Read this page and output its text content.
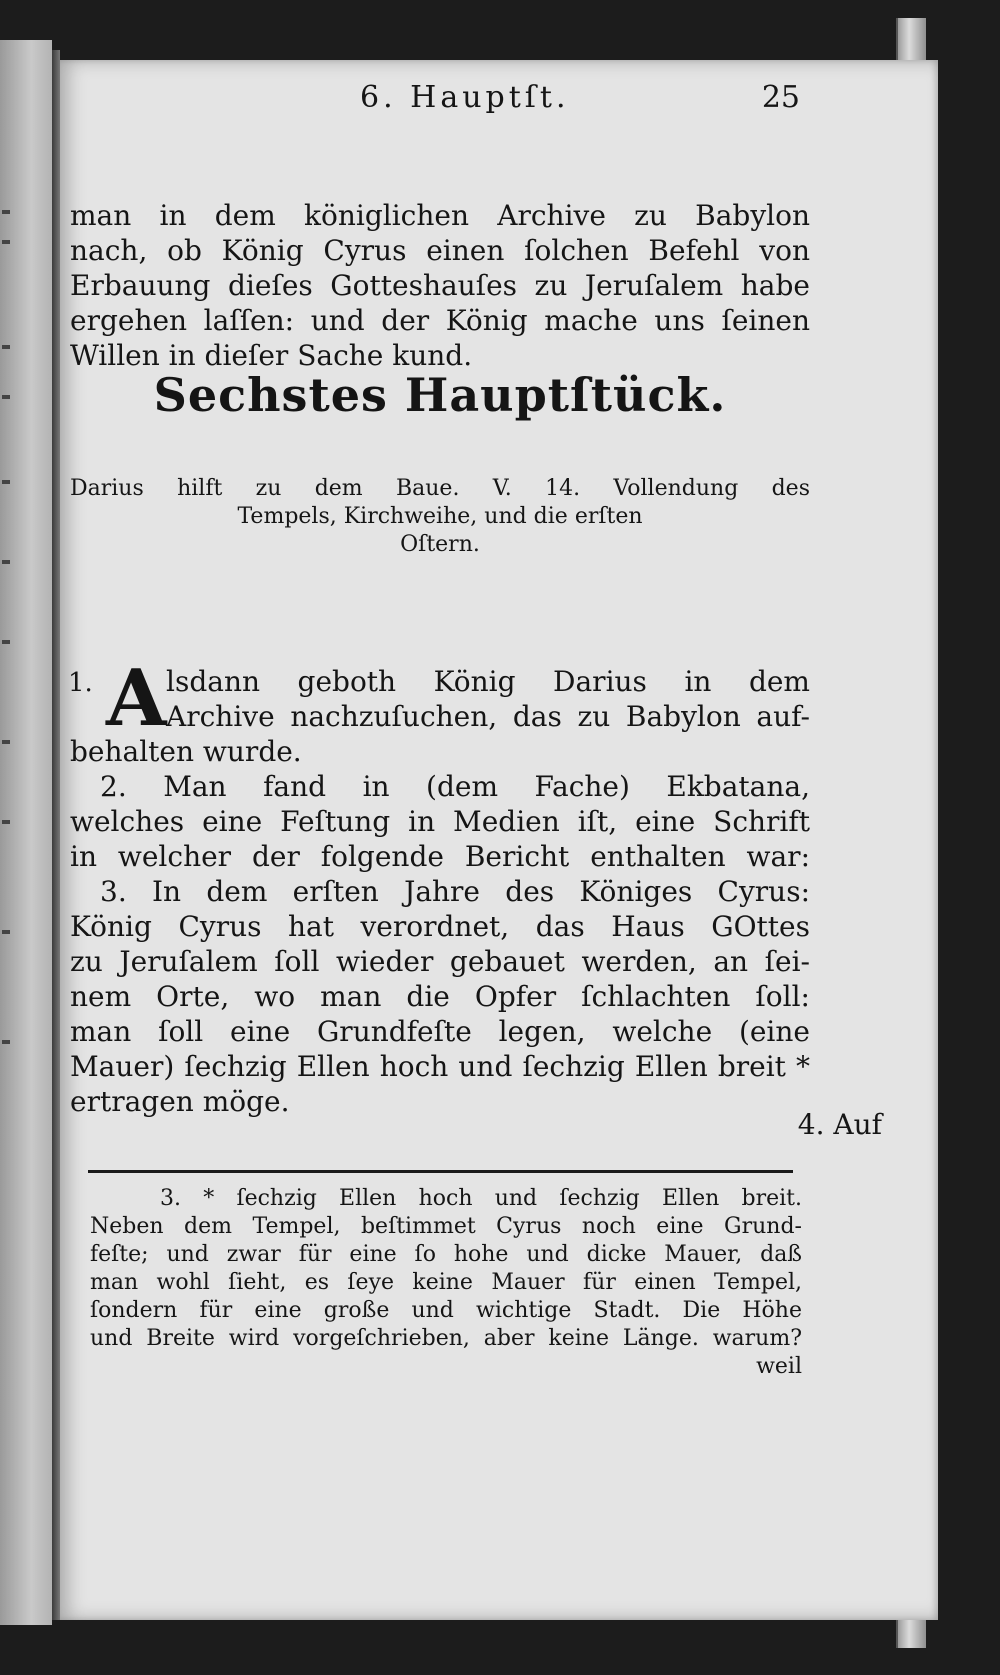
6. Hauptſt.	25
man in dem königlichen Archive zu Babylon
nach, ob König Cyrus einen ſolchen Befehl von
Erbauung dieſes Gotteshauſes zu Jeruſalem habe
ergehen laſſen: und der König mache uns ſeinen
Willen in dieſer Sache kund.
Sechstes Hauptſtück.
Darius hilft zu dem Baue. V. 14. Vollendung des
Tempels, Kirchweihe, und die erſten
Oſtern.
1. A lsdann geboth König Darius in dem
Archive nachzuſuchen, das zu Babylon auf-
behalten wurde.
2. Man fand in (dem Fache) Ekbatana,
welches eine Feſtung in Medien iſt, eine Schrift
in welcher der folgende Bericht enthalten war:
3. In dem erſten Jahre des Königes Cyrus:
König Cyrus hat verordnet, das Haus GOttes
zu Jeruſalem ſoll wieder gebauet werden, an ſei-
nem Orte, wo man die Opfer ſchlachten ſoll:
man ſoll eine Grundfeſte legen, welche (eine
Mauer) ſechzig Ellen hoch und ſechzig Ellen breit *
ertragen möge.
4. Auf
3. * ſechzig Ellen hoch und ſechzig Ellen breit.
Neben dem Tempel, beſtimmet Cyrus noch eine Grund-
feſte; und zwar für eine ſo hohe und dicke Mauer, daß
man wohl ſieht, es ſeye keine Mauer für einen Tempel,
ſondern für eine große und wichtige Stadt. Die Höhe
und Breite wird vorgeſchrieben, aber keine Länge. warum?
weil
